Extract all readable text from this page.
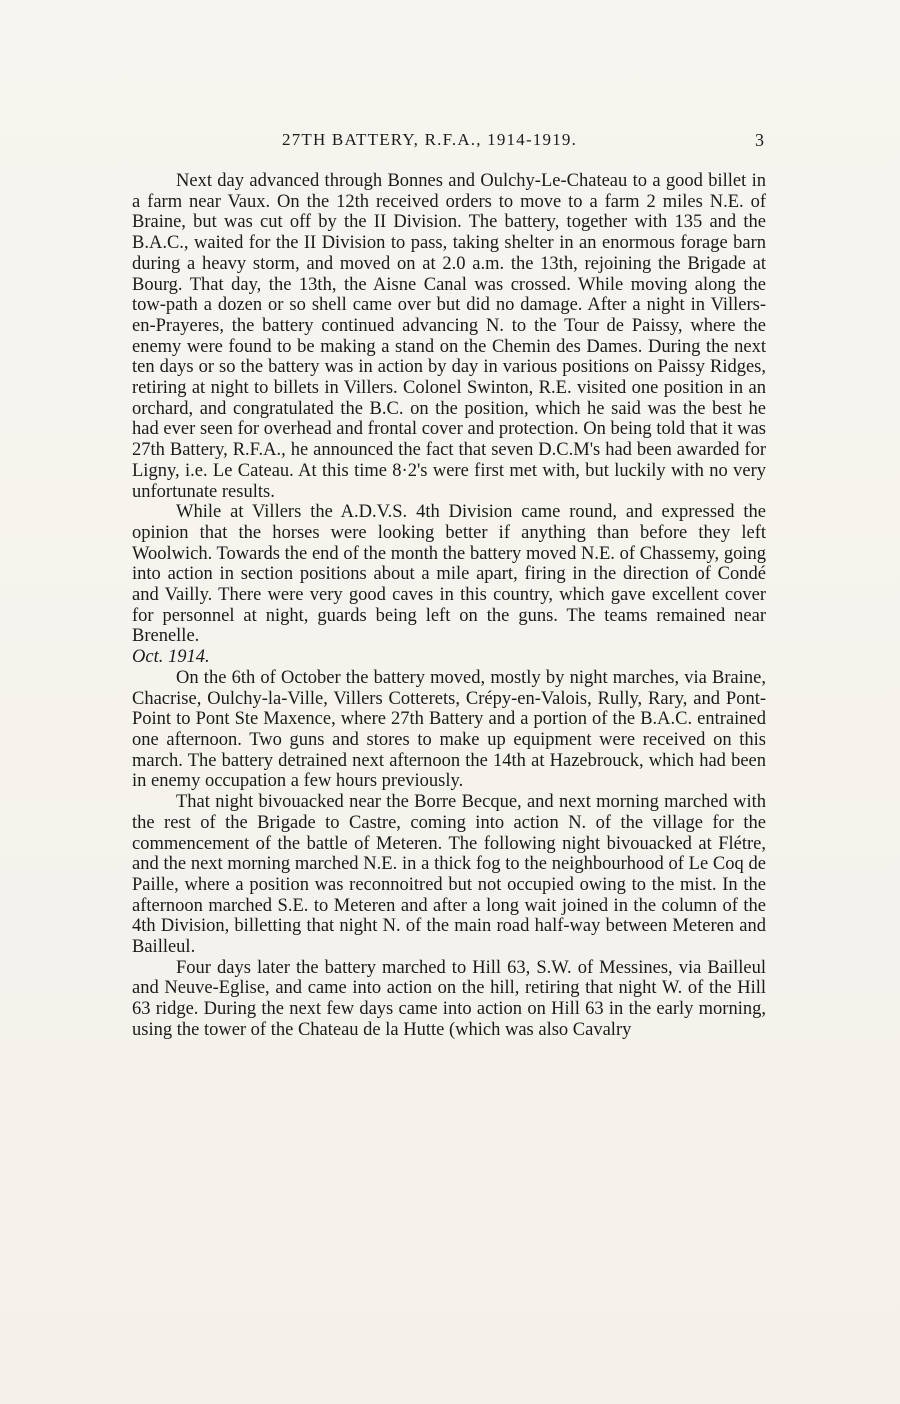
27TH BATTERY, R.F.A., 1914-1919.	3

Next day advanced through Bonnes and Oulchy-Le-Chateau to a good billet in a farm near Vaux. On the 12th received orders to move to a farm 2 miles N.E. of Braine, but was cut off by the II Division. The battery, together with 135 and the B.A.C., waited for the II Division to pass, taking shelter in an enormous forage barn during a heavy storm, and moved on at 2.0 a.m. the 13th, rejoining the Brigade at Bourg. That day, the 13th, the Aisne Canal was crossed. While moving along the tow-path a dozen or so shell came over but did no damage. After a night in Villers-en-Prayeres, the battery continued advancing N. to the Tour de Paissy, where the enemy were found to be making a stand on the Chemin des Dames. During the next ten days or so the battery was in action by day in various positions on Paissy Ridges, retiring at night to billets in Villers. Colonel Swinton, R.E. visited one position in an orchard, and congratulated the B.C. on the position, which he said was the best he had ever seen for overhead and frontal cover and protection. On being told that it was 27th Battery, R.F.A., he announced the fact that seven D.C.M's had been awarded for Ligny, i.e. Le Cateau. At this time 8·2's were first met with, but luckily with no very unfortunate results.

While at Villers the A.D.V.S. 4th Division came round, and expressed the opinion that the horses were looking better if anything than before they left Woolwich. Towards the end of the month the battery moved N.E. of Chassemy, going into action in section positions about a mile apart, firing in the direction of Condé and Vailly. There were very good caves in this country, which gave excellent cover for personnel at night, guards being left on the guns. The teams remained near Brenelle.

Oct. 1914.

On the 6th of October the battery moved, mostly by night marches, via Braine, Chacrise, Oulchy-la-Ville, Villers Cotterets, Crépy-en-Valois, Rully, Rary, and Pont-Point to Pont Ste Maxence, where 27th Battery and a portion of the B.A.C. entrained one afternoon. Two guns and stores to make up equipment were received on this march. The battery detrained next afternoon the 14th at Hazebrouck, which had been in enemy occupation a few hours previously.

That night bivouacked near the Borre Becque, and next morning marched with the rest of the Brigade to Castre, coming into action N. of the village for the commencement of the battle of Meteren. The following night bivouacked at Flétre, and the next morning marched N.E. in a thick fog to the neighbourhood of Le Coq de Paille, where a position was reconnoitred but not occupied owing to the mist. In the afternoon marched S.E. to Meteren and after a long wait joined in the column of the 4th Division, billetting that night N. of the main road half-way between Meteren and Bailleul.

Four days later the battery marched to Hill 63, S.W. of Messines, via Bailleul and Neuve-Eglise, and came into action on the hill, retiring that night W. of the Hill 63 ridge. During the next few days came into action on Hill 63 in the early morning, using the tower of the Chateau de la Hutte (which was also Cavalry
